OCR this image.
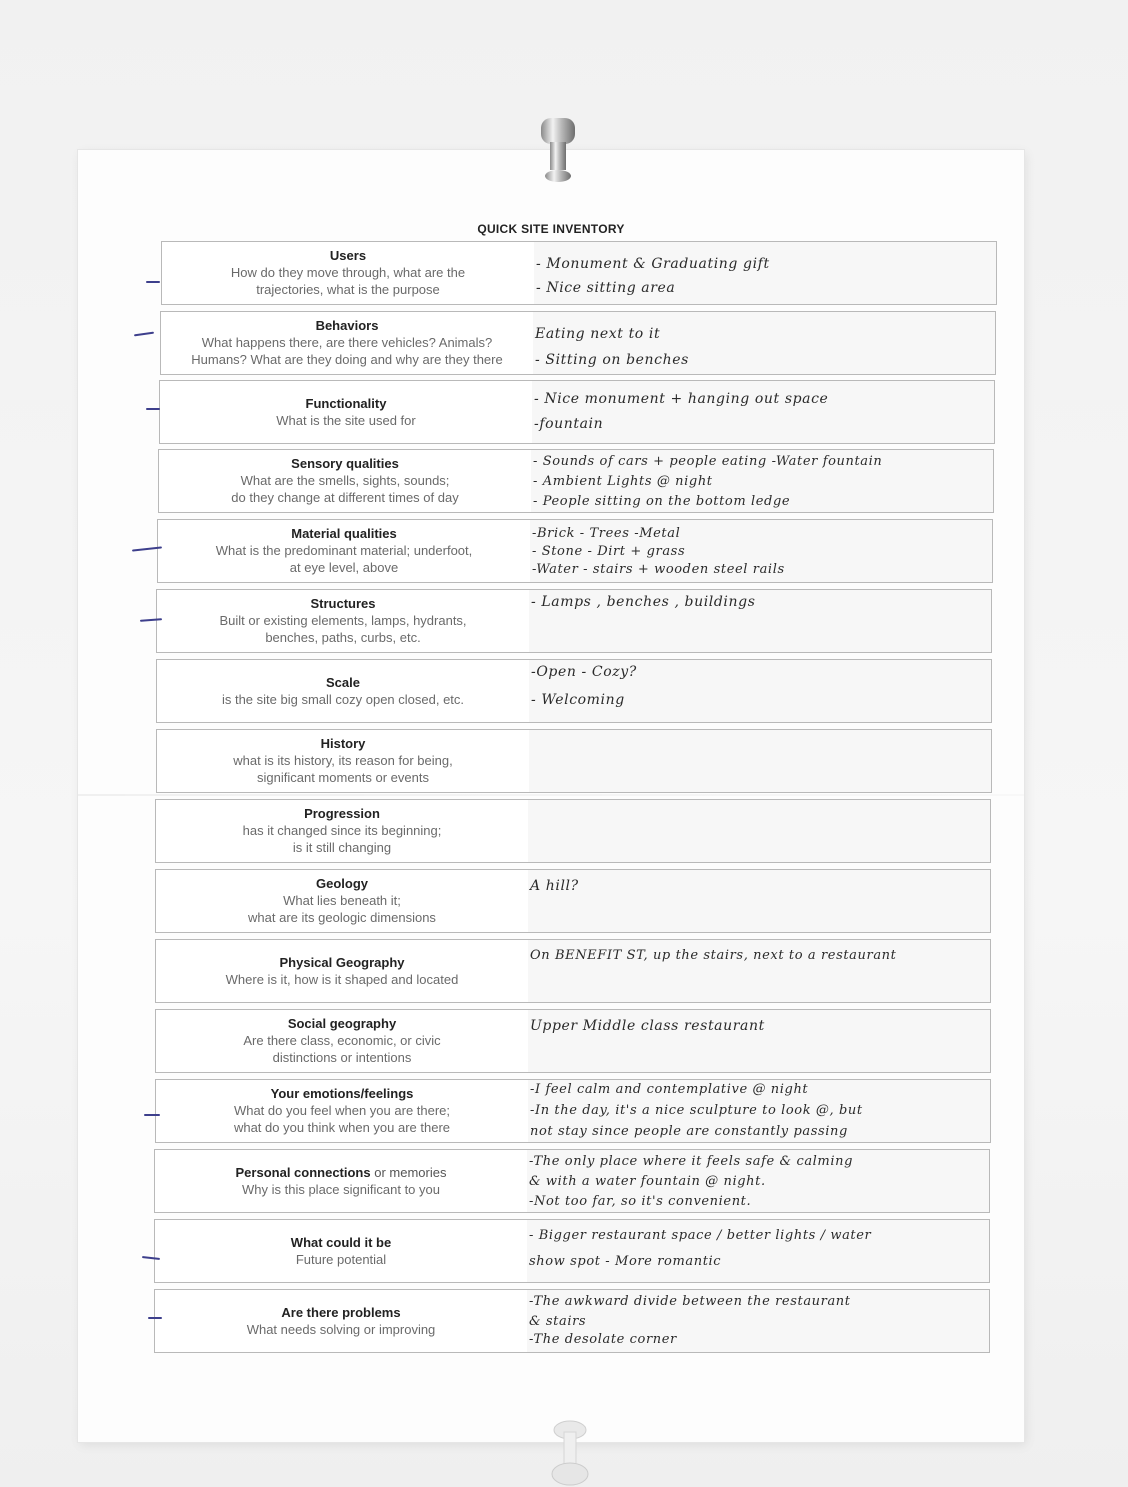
QUICK SITE INVENTORY
Users
How do they move through, what are the
trajectories, what is the purpose
- Monument & Graduating gift
- Nice sitting area
Behaviors
What happens there, are there vehicles? Animals?
Humans? What are they doing and why are they there
Eating next to it
- Sitting on benches
Functionality
What is the site used for
- Nice monument + hanging out space
-fountain
Sensory qualities
What are the smells, sights, sounds;
do they change at different times of day
- Sounds of cars + people eating -Water fountain
- Ambient Lights @ night
- People sitting on the bottom ledge
Material qualities
What is the predominant material; underfoot,
at eye level, above
-Brick - Trees -Metal
- Stone - Dirt + grass
-Water - stairs + wooden steel rails
Structures
Built or existing elements, lamps, hydrants,
benches, paths, curbs, etc.
- Lamps , benches , buildings
Scale
is the site big small cozy open closed, etc.
-Open - Cozy?
- Welcoming
History
what is its history, its reason for being,
significant moments or events
Progression
has it changed since its beginning;
is it still changing
Geology
What lies beneath it;
what are its geologic dimensions
A hill?
Physical Geography
Where is it, how is it shaped and located
On BENEFIT ST, up the stairs, next to a restaurant
Social geography
Are there class, economic, or civic
distinctions or intentions
Upper Middle class restaurant
Your emotions/feelings
What do you feel when you are there;
what do you think when you are there
-I feel calm and contemplative @ night
-In the day, it's a nice sculpture to look @, but
not stay since people are constantly passing
Personal connections or memories
Why is this place significant to you
-The only place where it feels safe & calming
& with a water fountain @ night.
-Not too far, so it's convenient.
What could it be
Future potential
- Bigger restaurant space / better lights / water
show spot - More romantic
Are there problems
What needs solving or improving
-The awkward divide between the restaurant
& stairs
-The desolate corner
